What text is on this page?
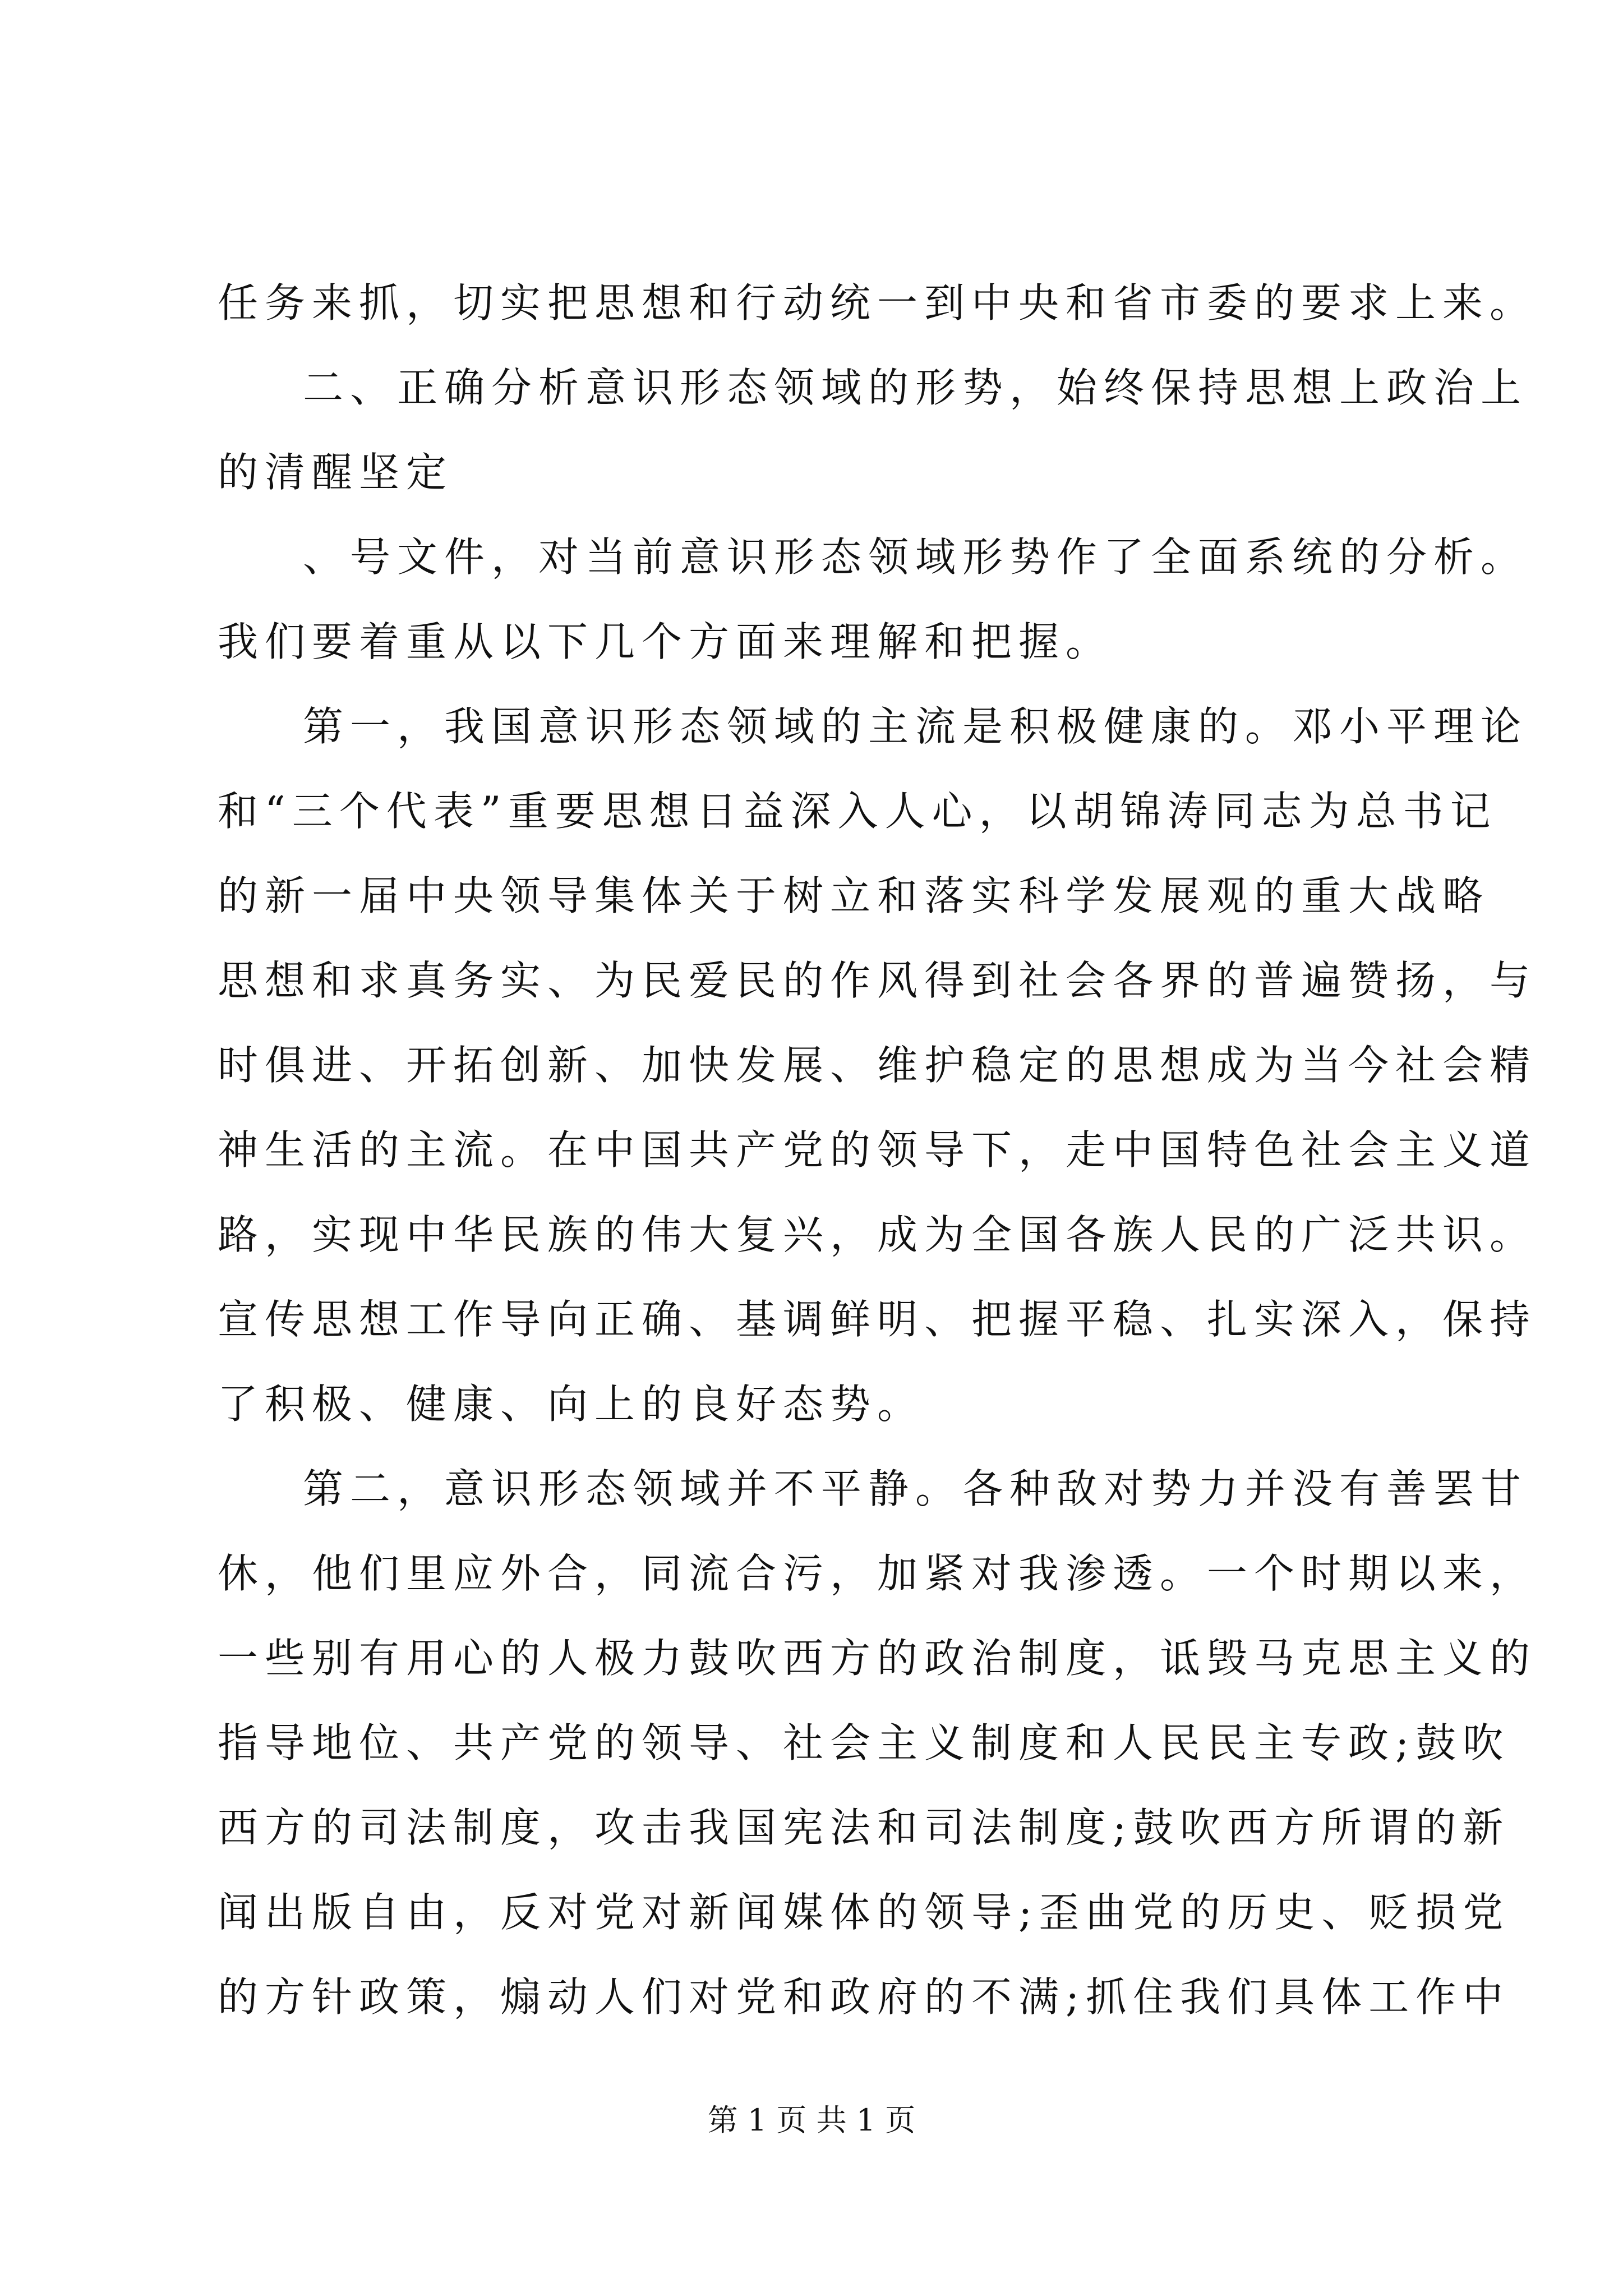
任务来抓，切实把思想和行动统一到中央和省市委的要求上来。
二、正确分析意识形态领域的形势，始终保持思想上政治上
的清醒坚定
、号文件，对当前意识形态领域形势作了全面系统的分析。
我们要着重从以下几个方面来理解和把握。
第一，我国意识形态领域的主流是积极健康的。邓小平理论
和“三个代表”重要思想日益深入人心，以胡锦涛同志为总书记
的新一届中央领导集体关于树立和落实科学发展观的重大战略
思想和求真务实、为民爱民的作风得到社会各界的普遍赞扬，与
时俱进、开拓创新、加快发展、维护稳定的思想成为当今社会精
神生活的主流。在中国共产党的领导下，走中国特色社会主义道
路，实现中华民族的伟大复兴，成为全国各族人民的广泛共识。
宣传思想工作导向正确、基调鲜明、把握平稳、扎实深入，保持
了积极、健康、向上的良好态势。
第二，意识形态领域并不平静。各种敌对势力并没有善罢甘
休，他们里应外合，同流合污，加紧对我渗透。一个时期以来，
一些别有用心的人极力鼓吹西方的政治制度，诋毁马克思主义的
指导地位、共产党的领导、社会主义制度和人民民主专政;鼓吹
西方的司法制度，攻击我国宪法和司法制度;鼓吹西方所谓的新
闻出版自由，反对党对新闻媒体的领导;歪曲党的历史、贬损党
的方针政策，煽动人们对党和政府的不满;抓住我们具体工作中
第 1 页 共 1 页
